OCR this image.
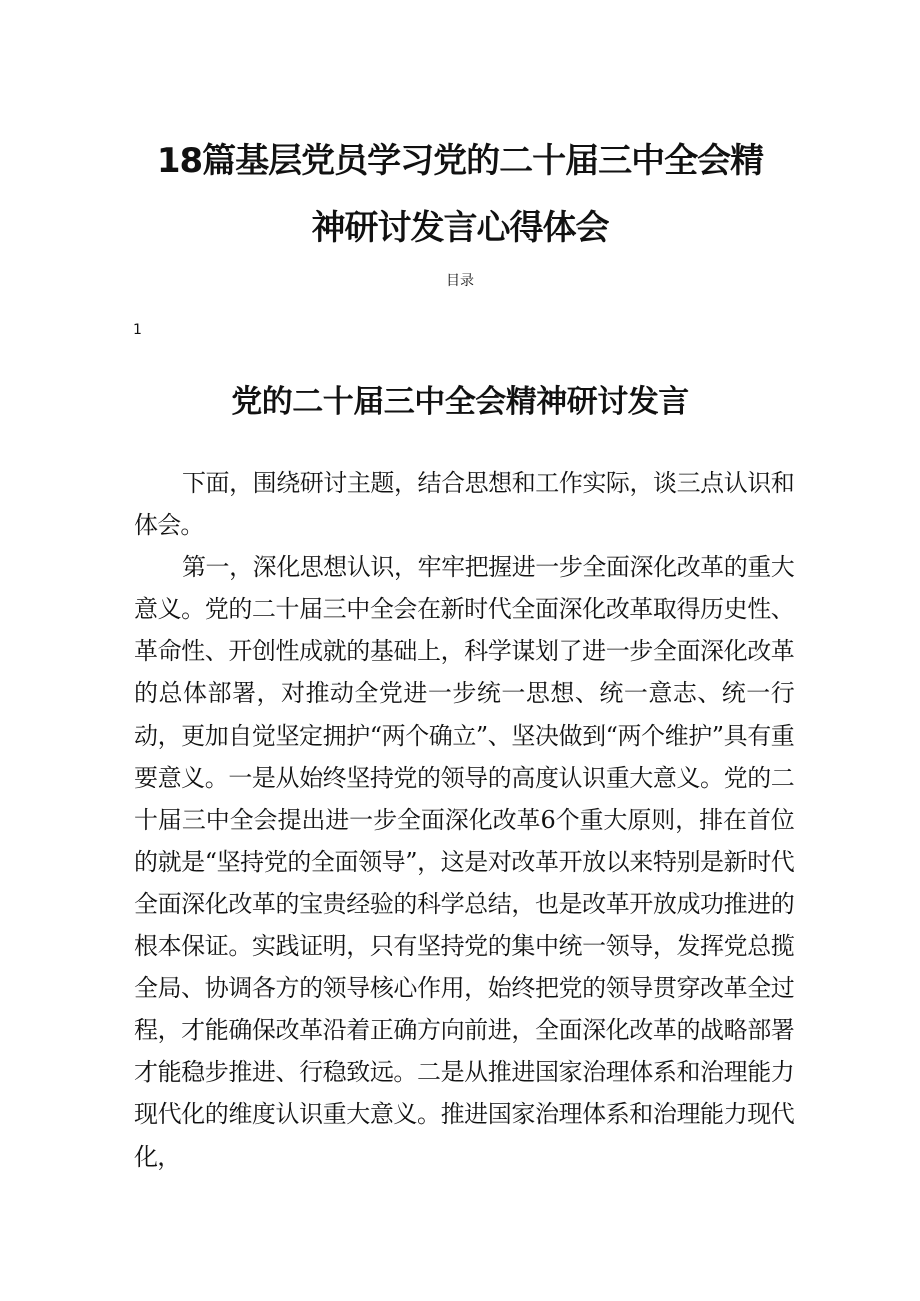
18篇基层党员学习党的二十届三中全会精
神研讨发言心得体会
目录
1
党的二十届三中全会精神研讨发言

下面，围绕研讨主题，结合思想和工作实际，谈三点认识和体会。

第一，深化思想认识，牢牢把握进一步全面深化改革的重大意义。党的二十届三中全会在新时代全面深化改革取得历史性、革命性、开创性成就的基础上，科学谋划了进一步全面深化改革的总体部署，对推动全党进一步统一思想、统一意志、统一行动，更加自觉坚定拥护“两个确立”、坚决做到“两个维护”具有重要意义。一是从始终坚持党的领导的高度认识重大意义。党的二十届三中全会提出进一步全面深化改革6个重大原则，排在首位的就是“坚持党的全面领导”，这是对改革开放以来特别是新时代全面深化改革的宝贵经验的科学总结，也是改革开放成功推进的根本保证。实践证明，只有坚持党的集中统一领导，发挥党总揽全局、协调各方的领导核心作用，始终把党的领导贯穿改革全过程，才能确保改革沿着正确方向前进，全面深化改革的战略部署才能稳步推进、行稳致远。二是从推进国家治理体系和治理能力现代化的维度认识重大意义。推进国家治理体系和治理能力现代化，
